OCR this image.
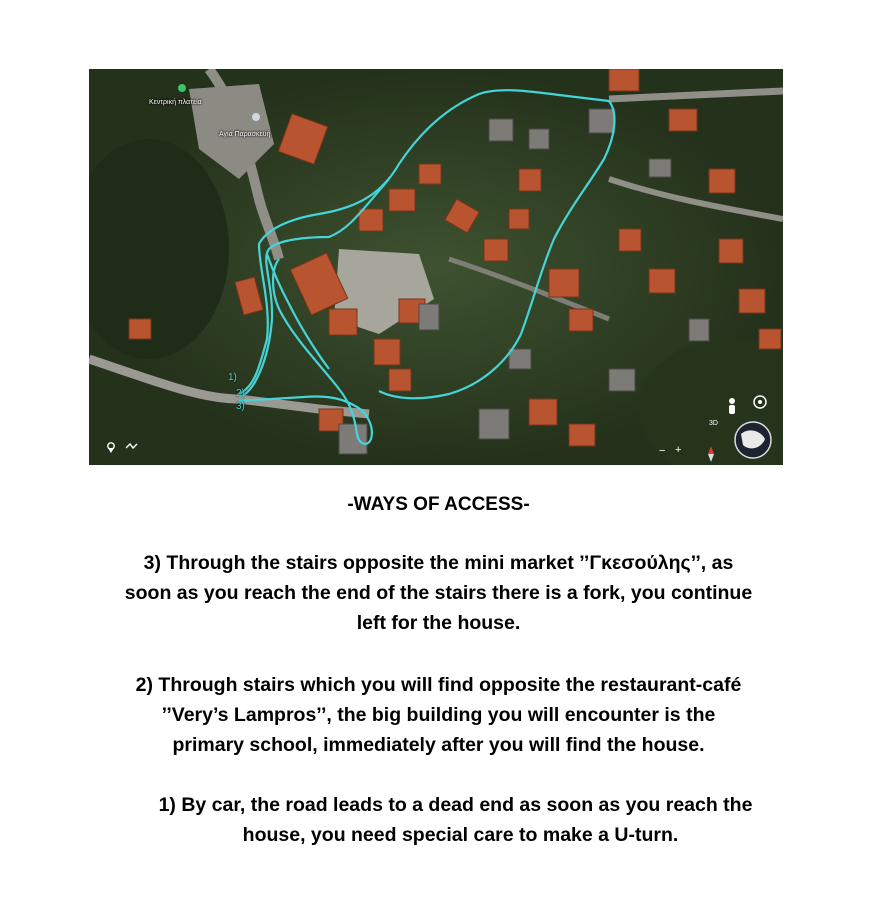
Κεντρική πλατεία
Αγία Παρασκευή
1)
2)
3)
3D
− +
-WAYS OF ACCESS-
3) Through the stairs opposite the mini market ’’Γκεσούλης’’, as
soon as you reach the end of the stairs there is a fork, you continue
left for the house.
2) Through stairs which you will find opposite the restaurant-café
’’Very’s Lampros’’, the big building you will encounter is the
primary school, immediately after you will find the house.
1) By car, the road leads to a dead end as soon as you reach the
house, you need special care to make a U-turn.
